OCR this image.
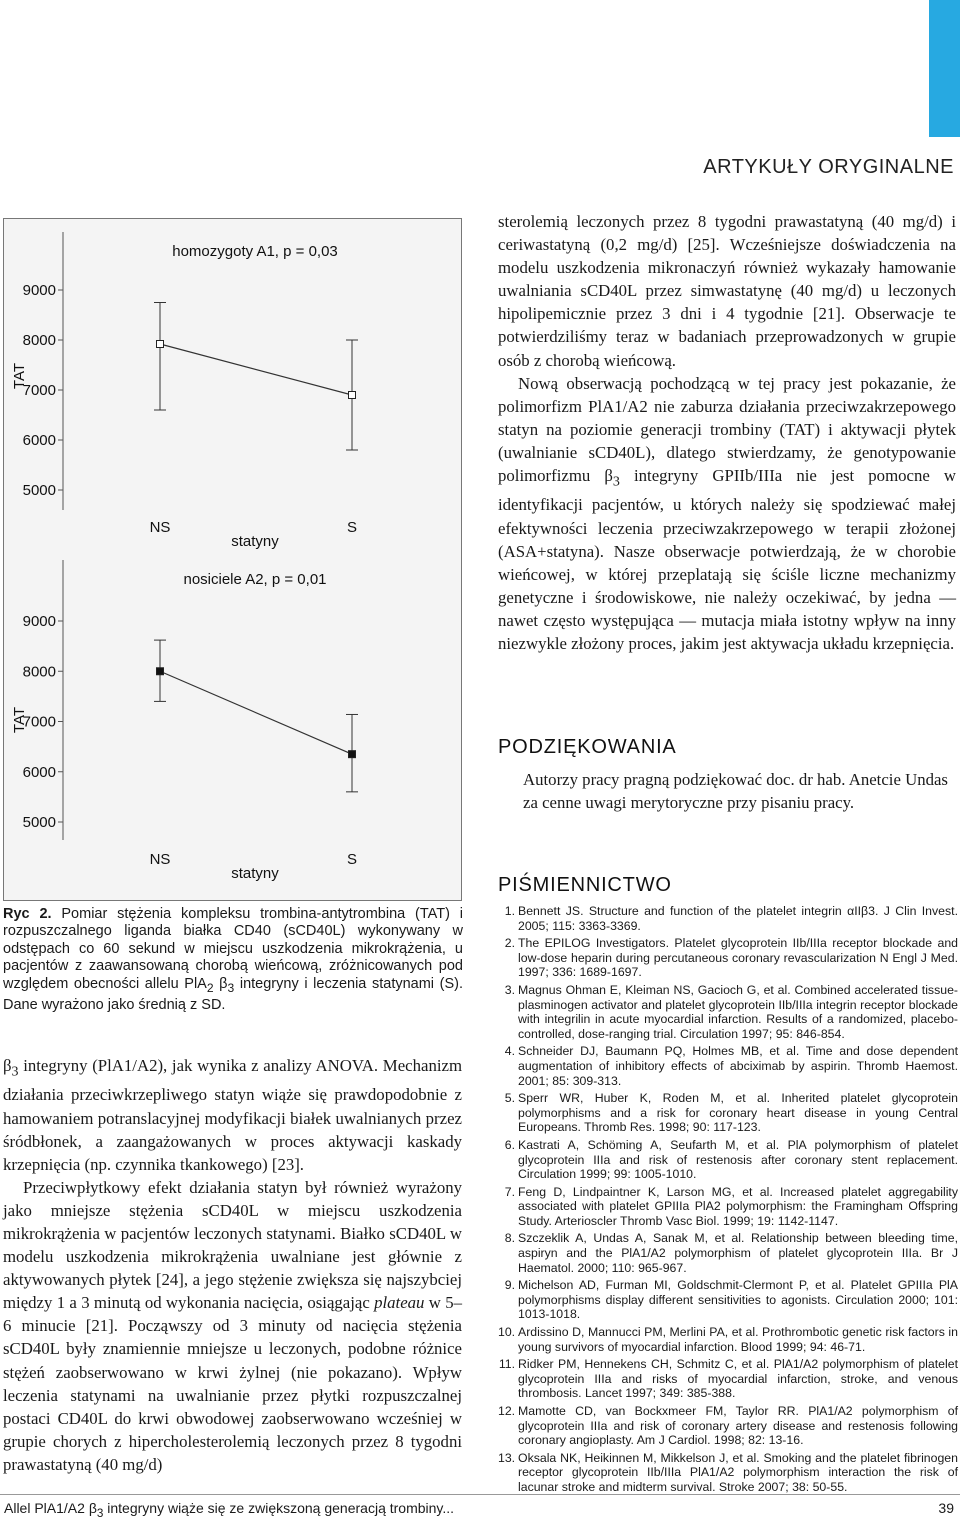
ARTYKUŁY ORYGINALNE
5000
6000
7000
8000
9000
TAT
homozygoty A1, p = 0,03
NS	S
statyny
5000
6000
7000
8000
9000
TAT
nosiciele A2, p = 0,01
NS	S
statyny
Ryc 2. Pomiar stężenia kompleksu trombina-antytrombina (TAT) i rozpuszczalnego liganda białka CD40 (sCD40L) wykonywany w odstępach co 60 sekund w miejscu uszkodzenia mikrokrążenia, u pacjentów z zaawansowaną chorobą wieńcową, zróżnicowanych pod względem obecności allelu PlA$_2$ $\beta_3$ integryny i leczenia statynami (S). Dane wyrażono jako średnią z SD.

$\beta_3$ integryny (PlA1/A2), jak wynika z analizy ANOVA. Mechanizm działania przeciwkrzepliwego statyn wiąże się prawdopodobnie z hamowaniem potranslacyjnej modyfikacji białek uwalnianych przez śródbłonek, a zaangażowanych w proces aktywacji kaskady krzepnięcia (np. czynnika tkankowego) [23].

Przeciwpłytkowy efekt działania statyn był również wyrażony jako mniejsze stężenia sCD40L w miejscu uszkodzenia mikrokrążenia w pacjentów leczonych statynami. Białko sCD40L w modelu uszkodzenia mikrokrążenia uwalniane jest głównie z aktywowanych płytek [24], a jego stężenie zwiększa się najszybciej między 1 a 3 minutą od wykonania nacięcia, osiągając plateau w 5–6 minucie [21]. Począwszy od 3 minuty od nacięcia stężenia sCD40L były znamiennie mniejsze u leczonych, podobne różnice stężeń zaobserwowano w krwi żylnej (nie pokazano). Wpływ leczenia statynami na uwalnianie przez płytki rozpuszczalnej postaci CD40L do krwi obwodowej zaobserwowano wcześniej w grupie chorych z hipercholesterolemią leczonych przez 8 tygodni prawastatyną (40 mg/d)

sterolemią leczonych przez 8 tygodni prawastatyną (40 mg/d) i ceriwastatyną (0,2 mg/d) [25]. Wcześniejsze doświadczenia na modelu uszkodzenia mikronaczyń również wykazały hamowanie uwalniania sCD40L przez simwastatynę (40 mg/d) u leczonych hipolipemicznie przez 3 dni i 4 tygodnie [21]. Obserwacje te potwierdziliśmy teraz w badaniach przeprowadzonych w grupie osób z chorobą wieńcową.

Nową obserwacją pochodzącą w tej pracy jest pokazanie, że polimorfizm PlA1/A2 nie zaburza działania przeciwzakrzepowego statyn na poziomie generacji trombiny (TAT) i aktywacji płytek (uwalnianie sCD40L), dlatego stwierdzamy, że genotypowanie polimorfizmu $\beta_3$ integryny GPIIb/IIIa nie jest pomocne w identyfikacji pacjentów, u których należy się spodziewać małej efektywności leczenia przeciwzakrzepowego w terapii złożonej (ASA+statyna). Nasze obserwacje potwierdzają, że w chorobie wieńcowej, w której przeplatają się ściśle liczne mechanizmy genetyczne i środowiskowe, nie należy oczekiwać, by jedna — nawet często występująca — mutacja miała istotny wpływ na inny niezwykle złożony proces, jakim jest aktywacja układu krzepnięcia.

PODZIĘKOWANIA
Autorzy pracy pragną podziękować doc. dr hab. Anetcie Undas za cenne uwagi merytoryczne przy pisaniu pracy.
PIŚMIENNICTWO
1. Bennett JS. Structure and function of the platelet integrin αIIβ3. J Clin Invest. 2005; 115: 3363-3369.
2. The EPILOG Investigators. Platelet glycoprotein IIb/IIIa receptor blockade and low-dose heparin during percutaneous coronary revascularization N Engl J Med. 1997; 336: 1689-1697.
3. Magnus Ohman E, Kleiman NS, Gacioch G, et al. Combined accelerated tissue-plasminogen activator and platelet glycoprotein IIb/IIIa integrin receptor blockade with integrilin in acute myocardial infarction. Results of a randomized, placebo-controlled, dose-ranging trial. Circulation 1997; 95: 846-854.
4. Schneider DJ, Baumann PQ, Holmes MB, et al. Time and dose dependent augmentation of inhibitory effects of abciximab by aspirin. Thromb Haemost. 2001; 85: 309-313.
5. Sperr WR, Huber K, Roden M, et al. Inherited platelet glycoprotein polymorphisms and a risk for coronary heart disease in young Central Europeans. Thromb Res. 1998; 90: 117-123.
6. Kastrati A, Schöming A, Seufarth M, et al. PlA polymorphism of platelet glycoprotein IIIa and risk of restenosis after coronary stent replacement. Circulation 1999; 99: 1005-1010.
7. Feng D, Lindpaintner K, Larson MG, et al. Increased platelet aggregability associated with platelet GPIIIa PlA2 polymorphism: the Framingham Offspring Study. Arterioscler Thromb Vasc Biol. 1999; 19: 1142-1147.
8. Szczeklik A, Undas A, Sanak M, et al. Relationship between bleeding time, aspiryn and the PlA1/A2 polymorphism of platelet glycoprotein IIIa. Br J Haematol. 2000; 110: 965-967.
9. Michelson AD, Furman MI, Goldschmit-Clermont P, et al. Platelet GPIIIa PlA polymorphisms display different sensitivities to agonists. Circulation 2000; 101: 1013-1018.
10. Ardissino D, Mannucci PM, Merlini PA, et al. Prothrombotic genetic risk factors in young survivors of myocardial infarction. Blood 1999; 94: 46-71.
11. Ridker PM, Hennekens CH, Schmitz C, et al. PlA1/A2 polymorphism of platelet glycoprotein IIIa and risks of myocardial infarction, stroke, and venous thrombosis. Lancet 1997; 349: 385-388.
12. Mamotte CD, van Bockxmeer FM, Taylor RR. PlA1/A2 polymorphism of glycoprotein IIIa and risk of coronary artery disease and restenosis following coronary angioplasty. Am J Cardiol. 1998; 82: 13-16.
13. Oksala NK, Heikinnen M, Mikkelson J, et al. Smoking and the platelet fibrinogen receptor glycoprotein IIb/IIIa PlA1/A2 polymorphism interaction the risk of lacunar stroke and midterm survival. Stroke 2007; 38: 50-55.
Allel PlA1/A2 $\beta_3$ integryny wiąże się ze zwiększoną generacją trombiny...	39
